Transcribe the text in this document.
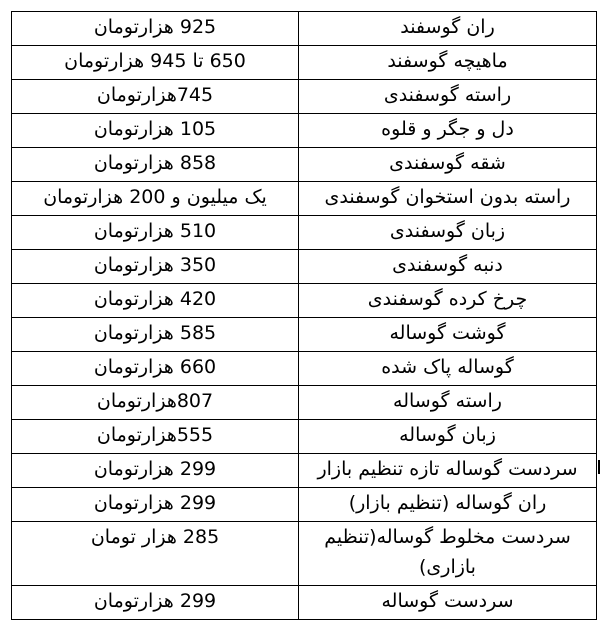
ران گوسفند	925 هزارتومان
ماهیچه گوسفند	650 تا 945 هزارتومان
راسته گوسفندی	745هزارتومان
دل و جگر و قلوه	105 هزارتومان
شقه گوسفندی	858 هزارتومان
راسته بدون استخوان گوسفندی	یک میلیون و 200 هزارتومان
زبان گوسفندی	510 هزارتومان
دنبه گوسفندی	350 هزارتومان
چرخ کرده گوسفندی	420 هزارتومان
گوشت گوساله	585 هزارتومان
گوساله پاک شده	660 هزارتومان
راسته گوساله	807هزارتومان
زبان گوساله	555هزارتومان
سردست گوساله تازه تنظیم بازار	299 هزارتومان
ران گوساله (تنظیم بازار)	299 هزارتومان
سردست مخلوط گوساله(تنظیم بازاری)	285 هزار تومان
سردست گوساله	299 هزارتومان
